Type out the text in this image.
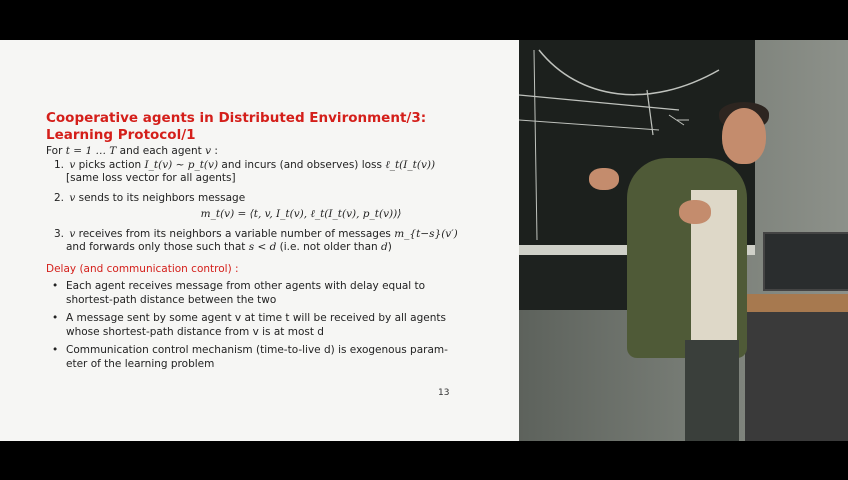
Cooperative agents in Distributed Environment/3:
Learning Protocol/1
For t = 1 … T and each agent v :
1. v picks action I_t(v) ∼ p_t(v) and incurs (and observes) loss ℓ_t(I_t(v))
[same loss vector for all agents]
2. v sends to its neighbors message
m_t(v) = ⟨t, v, I_t(v), ℓ_t(I_t(v), p_t(v))⟩
3. v receives from its neighbors a variable number of messages m_{t−s}(v′)
and forwards only those such that s < d (i.e. not older than d)
Delay (and communication control) :
• Each agent receives message from other agents with delay equal to
shortest-path distance between the two
• A message sent by some agent v at time t will be received by all agents
whose shortest-path distance from v is at most d
• Communication control mechanism (time-to-live d) is exogenous param-
eter of the learning problem
13
